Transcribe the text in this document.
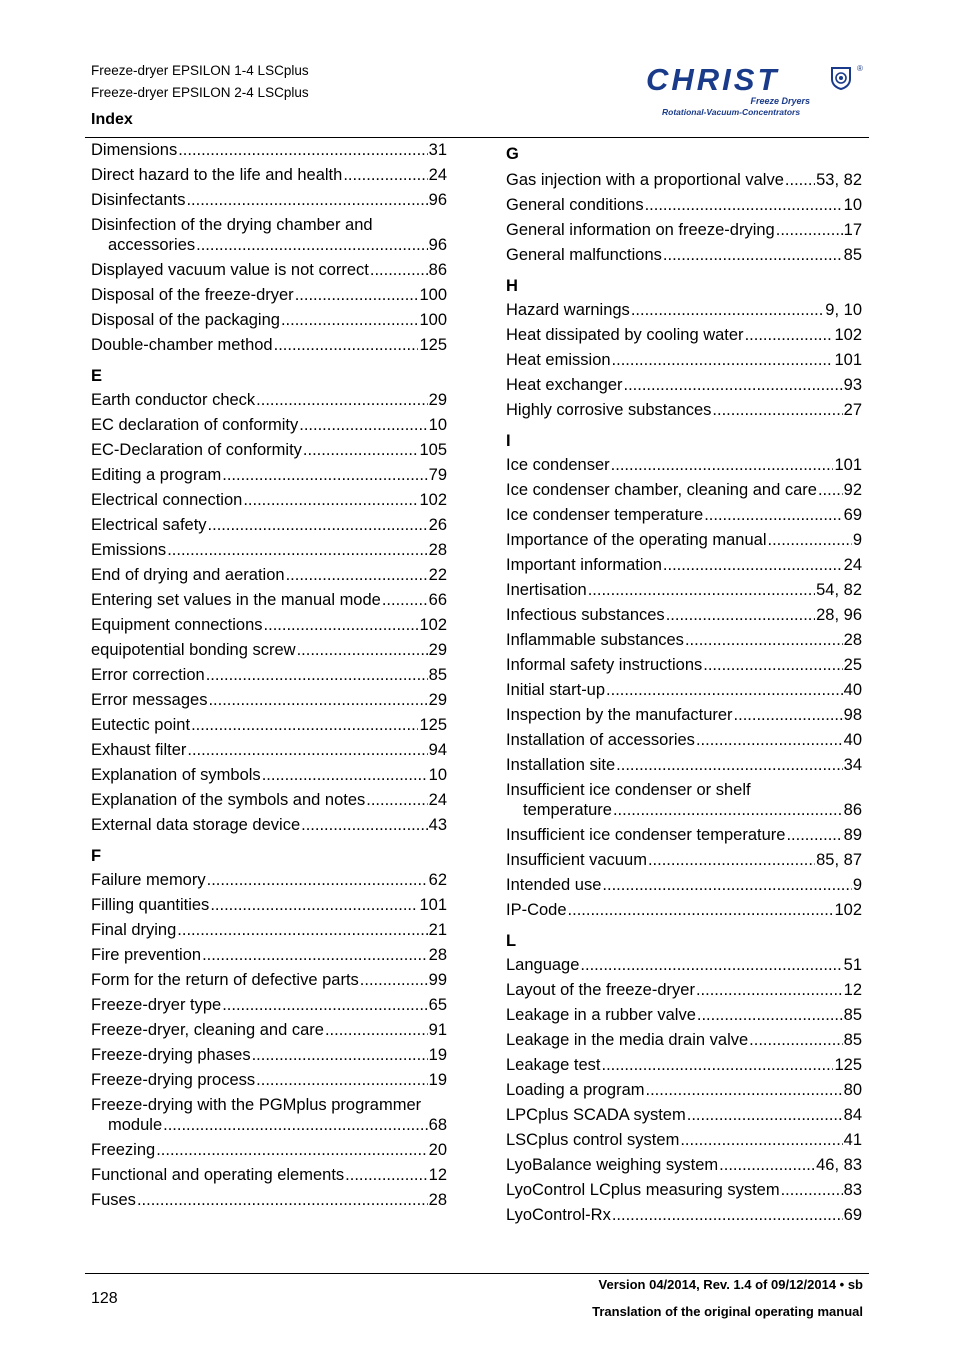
Freeze-dryer EPSILON 1-4 LSCplus
Freeze-dryer EPSILON 2-4 LSCplus
Index
CHRIST	®
Freeze Dryers
Rotational-Vacuum-Concentrators
Dimensions .....	31
Direct hazard to the life and health .....	24
Disinfectants .....	96
Disinfection of the drying chamber and
accessories .....	96
Displayed vacuum value is not correct .....	86
Disposal of the freeze-dryer .....	100
Disposal of the packaging .....	100
Double-chamber method .....	125
E
Earth conductor check .....	29
EC declaration of conformity .....	10
EC-Declaration of conformity .....	105
Editing a program .....	79
Electrical connection .....	102
Electrical safety .....	26
Emissions .....	28
End of drying and aeration .....	22
Entering set values in the manual mode .....	66
Equipment connections .....	102
equipotential bonding screw .....	29
Error correction .....	85
Error messages .....	29
Eutectic point .....	125
Exhaust filter .....	94
Explanation of symbols .....	10
Explanation of the symbols and notes .....	24
External data storage device .....	43
F
Failure memory .....	62
Filling quantities .....	101
Final drying .....	21
Fire prevention .....	28
Form for the return of defective parts .....	99
Freeze-dryer type .....	65
Freeze-dryer, cleaning and care .....	91
Freeze-drying phases .....	19
Freeze-drying process .....	19
Freeze-drying with the PGMplus programmer
module .....	68
Freezing .....	20
Functional and operating elements .....	12
Fuses .....	28
G
Gas injection with a proportional valve ..... 53, 82
General conditions .....	10
General information on freeze-drying .....	17
General malfunctions .....	85
H
Hazard warnings .....	9, 10
Heat dissipated by cooling water .....	102
Heat emission .....	101
Heat exchanger .....	93
Highly corrosive substances .....	27
I
Ice condenser .....	101
Ice condenser chamber, cleaning and care ..... 92
Ice condenser temperature .....	69
Importance of the operating manual .....	9
Important information .....	24
Inertisation .....	54, 82
Infectious substances .....	28, 96
Inflammable substances .....	28
Informal safety instructions .....	25
Initial start-up .....	40
Inspection by the manufacturer .....	98
Installation of accessories .....	40
Installation site .....	34
Insufficient ice condenser or shelf
temperature .....	86
Insufficient ice condenser temperature .....	89
Insufficient vacuum .....	85, 87
Intended use .....	9
IP-Code .....	102
L
Language .....	51
Layout of the freeze-dryer .....	12
Leakage in a rubber valve .....	85
Leakage in the media drain valve .....	85
Leakage test .....	125
Loading a program .....	80
LPCplus SCADA system .....	84
LSCplus control system .....	41
LyoBalance weighing system .....	46, 83
LyoControl LCplus measuring system .....	83
LyoControl-Rx .....	69
128
Version 04/2014, Rev. 1.4 of 09/12/2014 • sb
Translation of the original operating manual
